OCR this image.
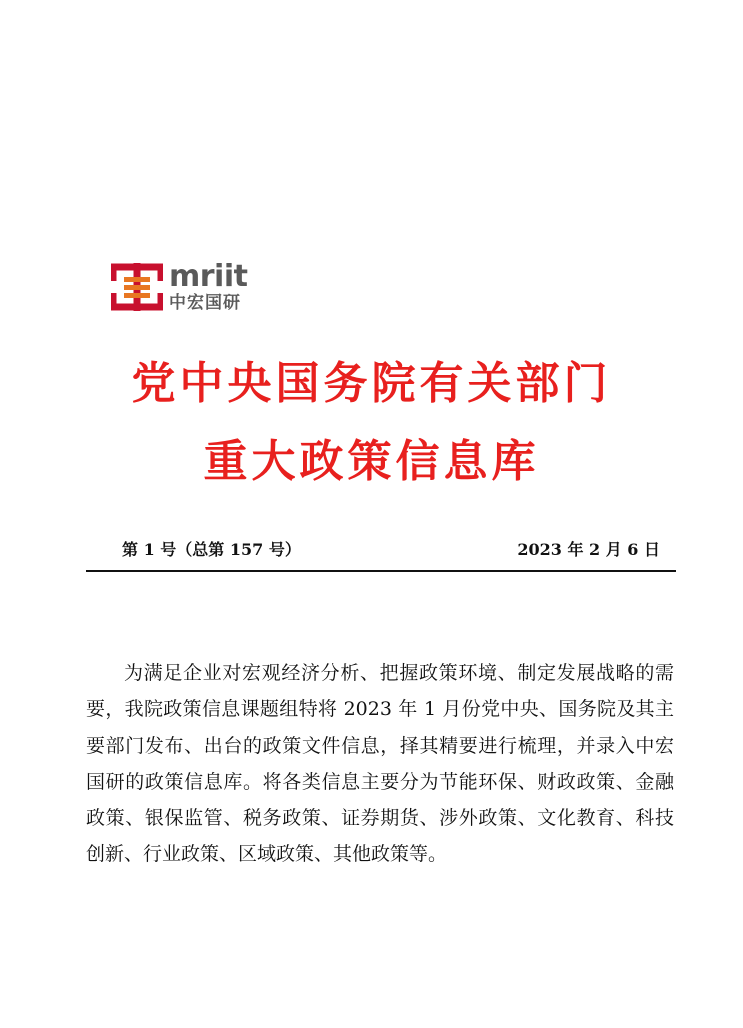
mriit
中宏国研
党中央国务院有关部门
重大政策信息库
第 1 号（总第 157 号）	2023 年 2 月 6 日

为满足企业对宏观经济分析、把握政策环境、制定发展战略的需要，我院政策信息课题组特将 2023 年 1 月份党中央、国务院及其主要部门发布、出台的政策文件信息，择其精要进行梳理，并录入中宏国研的政策信息库。将各类信息主要分为节能环保、财政政策、金融政策、银保监管、税务政策、证券期货、涉外政策、文化教育、科技创新、行业政策、区域政策、其他政策等。
